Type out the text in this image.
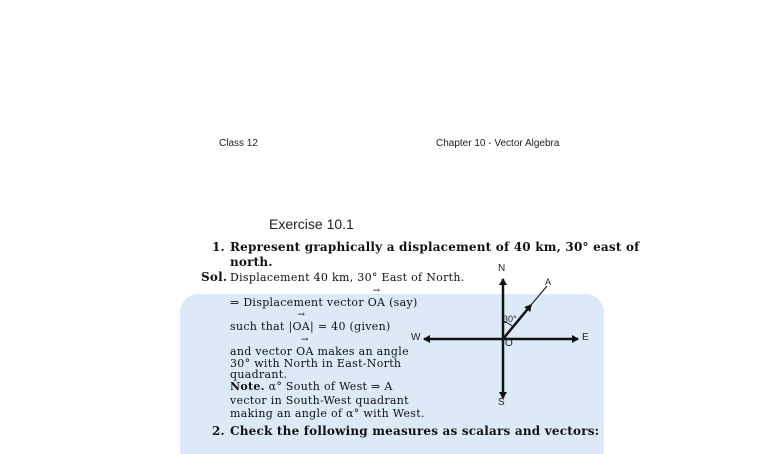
Class 12	Chapter 10 - Vector Algebra
Exercise 10.1
1. Represent graphically a displacement of 40 km, 30° east of
north.
Sol. Displacement 40 km, 30° East of North.
⇒ Displacement vector
→
OA (say)
such that |
→
OA| = 40 (given)
and vector
→
OA makes an angle
30° with North in East-North
quadrant.
Note. α° South of West ⇒ A
vector in South-West quadrant
making an angle of α° with West.
2. Check the following measures as scalars and vectors:
N
S
E
W
O
A
30°
